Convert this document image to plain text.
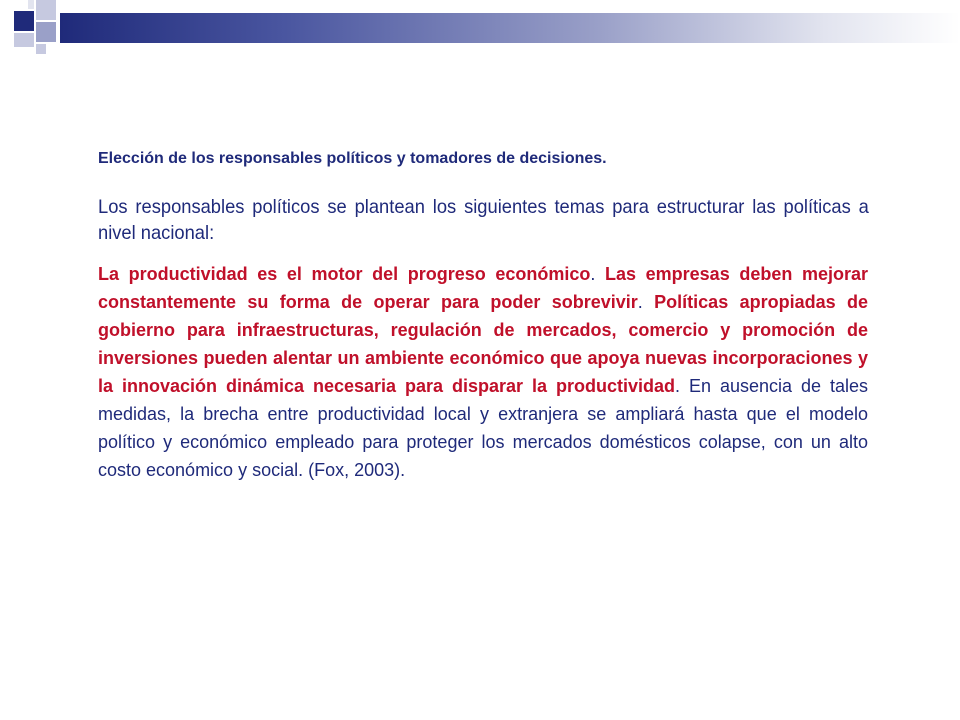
Elección de los responsables políticos y tomadores de decisiones.

Los responsables políticos se plantean los siguientes temas para estructurar las políticas a nivel nacional:

La productividad es el motor del progreso económico. Las empresas deben mejorar constantemente su forma de operar para poder sobrevivir. Políticas apropiadas de gobierno para infraestructuras, regulación de mercados, comercio y promoción de inversiones pueden alentar un ambiente económico que apoya nuevas incorporaciones y la innovación dinámica necesaria para disparar la productividad. En ausencia de tales medidas, la brecha entre productividad local y extranjera se ampliará hasta que el modelo político y económico empleado para proteger los mercados domésticos colapse, con un alto costo económico y social. (Fox, 2003).
